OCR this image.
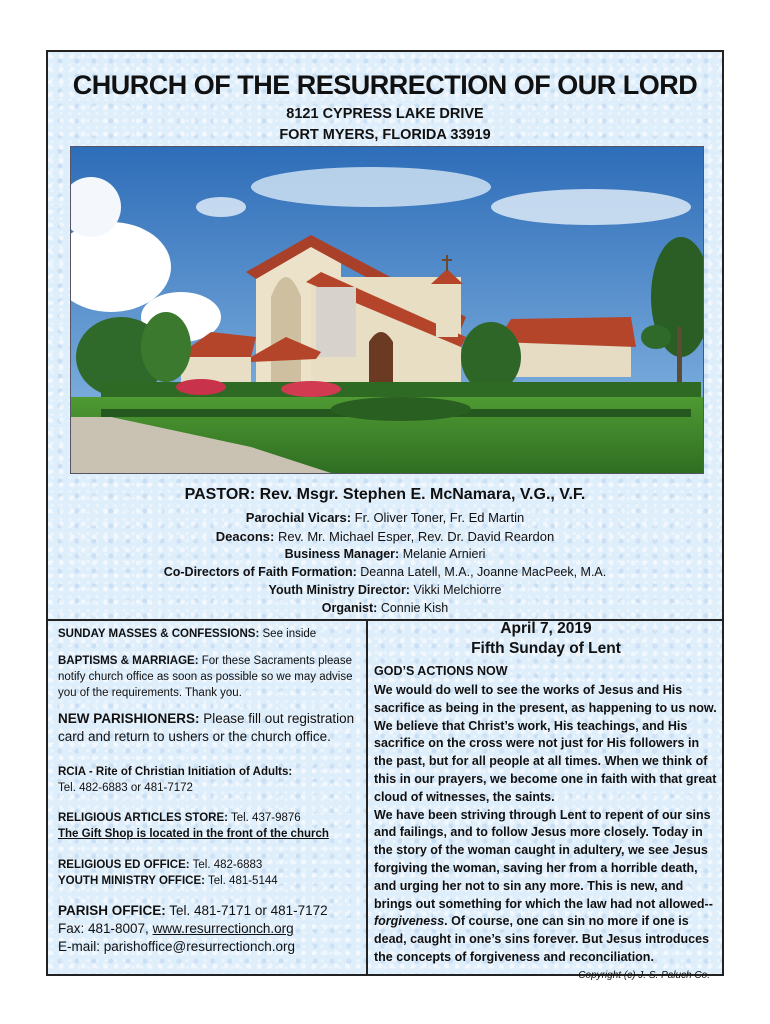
CHURCH OF THE RESURRECTION OF OUR LORD
8121 CYPRESS LAKE DRIVE
FORT MYERS, FLORIDA 33919
PASTOR: Rev. Msgr. Stephen E. McNamara, V.G., V.F.
Parochial Vicars: Fr. Oliver Toner, Fr. Ed Martin
Deacons: Rev. Mr. Michael Esper, Rev. Dr. David Reardon
Business Manager: Melanie Arnieri
Co-Directors of Faith Formation: Deanna Latell, M.A., Joanne MacPeek, M.A.
Youth Ministry Director: Vikki Melchiorre
Organist: Connie Kish
SUNDAY MASSES & CONFESSIONS: See inside
BAPTISMS & MARRIAGE: For these Sacraments please notify church office as soon as possible so we may advise you of the requirements. Thank you.
NEW PARISHIONERS: Please fill out registration card and return to ushers or the church office.
RCIA - Rite of Christian Initiation of Adults:
Tel. 482-6883 or 481-7172
RELIGIOUS ARTICLES STORE: Tel. 437-9876
The Gift Shop is located in the front of the church
RELIGIOUS ED OFFICE: Tel. 482-6883
YOUTH MINISTRY OFFICE: Tel. 481-5144
PARISH OFFICE: Tel. 481-7171 or 481-7172
Fax: 481-8007, www.resurrectionch.org
E-mail: parishoffice@resurrectionch.org
April 7, 2019
Fifth Sunday of Lent
GOD’S ACTIONS NOW

We would do well to see the works of Jesus and His sacrifice as being in the present, as happening to us now. We believe that Christ’s work, His teachings, and His sacrifice on the cross were not just for His followers in the past, but for all people at all times. When we think of this in our prayers, we become one in faith with that great cloud of witnesses, the saints.

We have been striving through Lent to repent of our sins and failings, and to follow Jesus more closely. Today in the story of the woman caught in adultery, we see Jesus forgiving the woman, saving her from a horrible death, and urging her not to sin any more. This is new, and brings out something for which the law had not allowed--forgiveness. Of course, one can sin no more if one is dead, caught in one’s sins forever. But Jesus introduces the concepts of forgiveness and reconciliation.
Copyright (c) J. S. Paluch Co.
